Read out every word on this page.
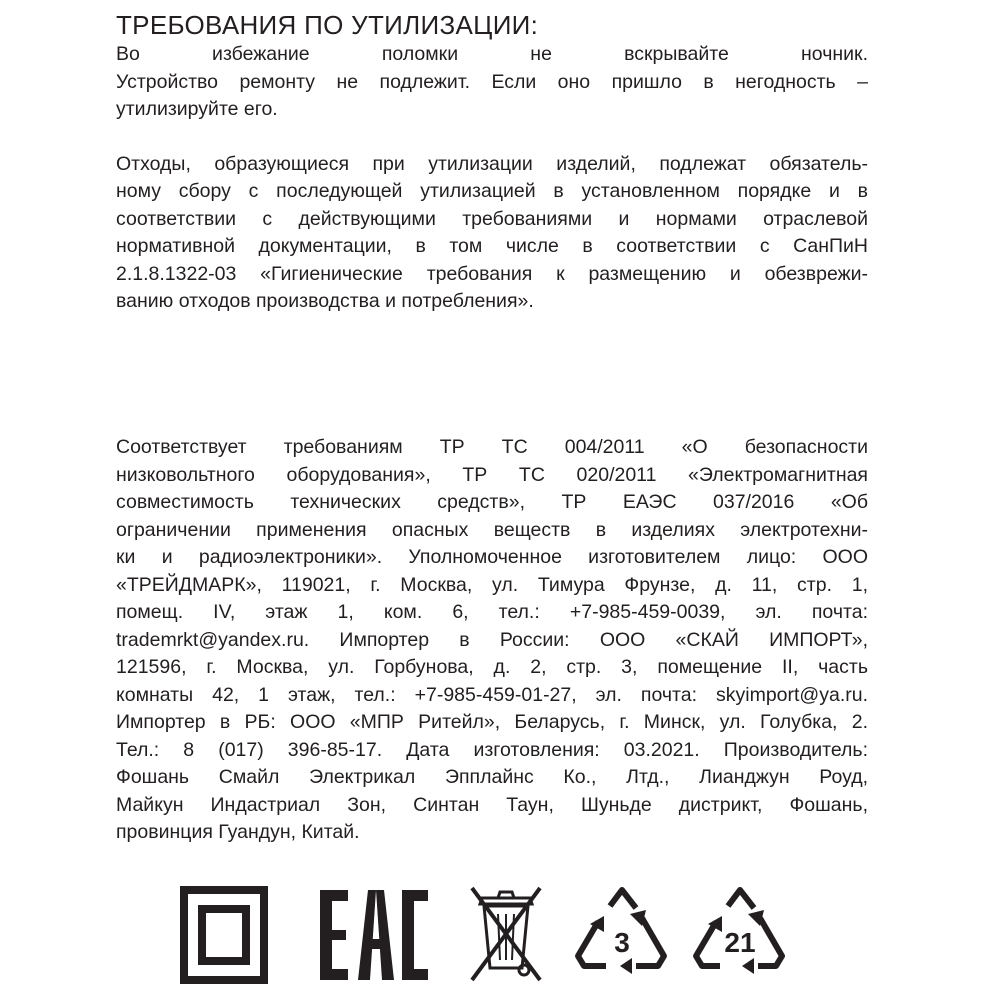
ТРЕБОВАНИЯ ПО УТИЛИЗАЦИИ:

Во избежание поломки не вскрывайте ночник.
Устройство ремонту не подлежит. Если оно пришло в негодность –
утилизируйте его.

Отходы, образующиеся при утилизации изделий, подлежат обязатель-
ному сбору с последующей утилизацией в установленном порядке и в
соответствии с действующими требованиями и нормами отраслевой
нормативной документации, в том числе в соответствии с СанПиН
2.1.8.1322-03 «Гигиенические требования к размещению и обезврежи-
ванию отходов производства и потребления».

Соответствует требованиям ТР ТС 004/2011 «О безопасности
низковольтного оборудования», ТР ТС 020/2011 «Электромагнитная
совместимость технических средств», ТР ЕАЭС 037/2016 «Об
ограничении применения опасных веществ в изделиях электротехни-
ки и радиоэлектроники». Уполномоченное изготовителем лицо: ООО
«ТРЕЙДМАРК», 119021, г. Москва, ул. Тимура Фрунзе, д. 11, стр. 1,
помещ. IV, этаж 1, ком. 6, тел.: +7-985-459-0039, эл. почта:
trademrkt@yandex.ru. Импортер в России: ООО «СКАЙ ИМПОРТ»,
121596, г. Москва, ул. Горбунова, д. 2, стр. 3, помещение II, часть
комнаты 42, 1 этаж, тел.: +7-985-459-01-27, эл. почта: skyimport@ya.ru.
Импортер в РБ: ООО «МПР Ритейл», Беларусь, г. Минск, ул. Голубка, 2.
Тел.: 8 (017) 396-85-17. Дата изготовления: 03.2021. Производитель:
Фошань Смайл Электрикал Эпплайнс Ко., Лтд., Лианджун Роуд,
Майкун Индастриал Зон, Синтан Таун, Шуньде дистрикт, Фошань,
провинция Гуандун, Китай.

3	21
